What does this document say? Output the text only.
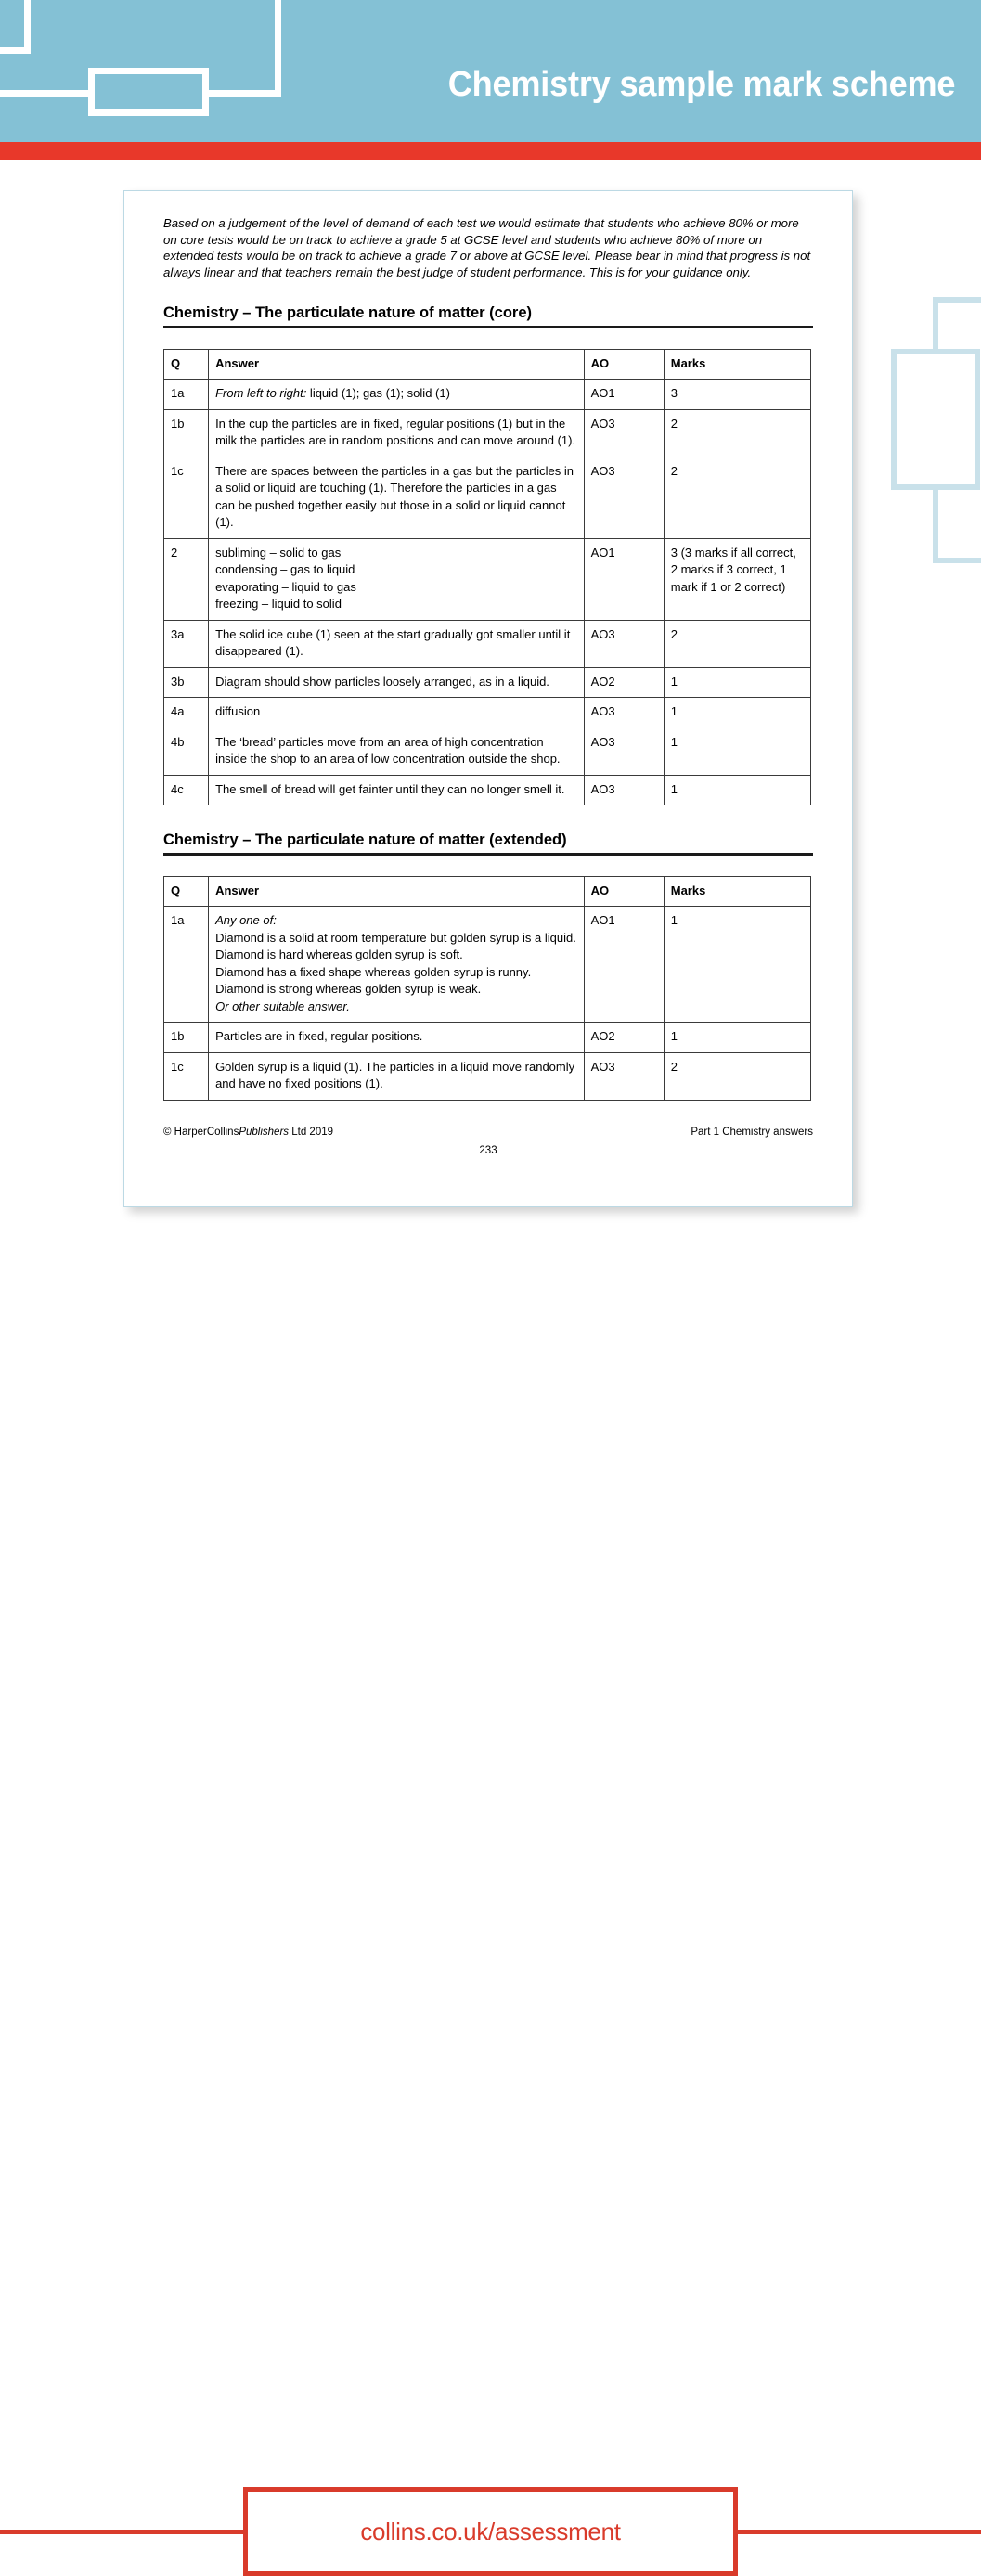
Chemistry sample mark scheme

Based on a judgement of the level of demand of each test we would estimate that students who achieve 80% or more on core tests would be on track to achieve a grade 5 at GCSE level and students who achieve 80% of more on extended tests would be on track to achieve a grade 7 or above at GCSE level. Please bear in mind that progress is not always linear and that teachers remain the best judge of student performance. This is for your guidance only.

Chemistry – The particulate nature of matter (core)
Q	Answer	AO	Marks
1a	From left to right: liquid (1); gas (1); solid (1)	AO1	3
1b	In the cup the particles are in fixed, regular positions (1) but in the milk the particles are in random positions and can move around (1).	AO3	2
1c	There are spaces between the particles in a gas but the particles in a solid or liquid are touching (1). Therefore the particles in a gas can be pushed together easily but those in a solid or liquid cannot (1).	AO3	2
2	subliming – solid to gas
condensing – gas to liquid
evaporating – liquid to gas
freezing – liquid to solid	AO1	3 (3 marks if all correct, 2 marks if 3 correct, 1 mark if 1 or 2 correct)
3a	The solid ice cube (1) seen at the start gradually got smaller until it disappeared (1).	AO3	2
3b	Diagram should show particles loosely arranged, as in a liquid.	AO2	1
4a	diffusion	AO3	1
4b	The ‘bread’ particles move from an area of high concentration inside the shop to an area of low concentration outside the shop.	AO3	1
4c	The smell of bread will get fainter until they can no longer smell it.	AO3	1
Chemistry – The particulate nature of matter (extended)
Q	Answer	AO	Marks
1a	Any one of:
Diamond is a solid at room temperature but golden syrup is a liquid.
Diamond is hard whereas golden syrup is soft.
Diamond has a fixed shape whereas golden syrup is runny.
Diamond is strong whereas golden syrup is weak.
Or other suitable answer.
	AO1	1
1b	Particles are in fixed, regular positions.	AO2	1
1c	Golden syrup is a liquid (1). The particles in a liquid move randomly and have no fixed positions (1).	AO3	2
© HarperCollinsPublishers Ltd 2019	Part 1 Chemistry answers
233
collins.co.uk/assessment
